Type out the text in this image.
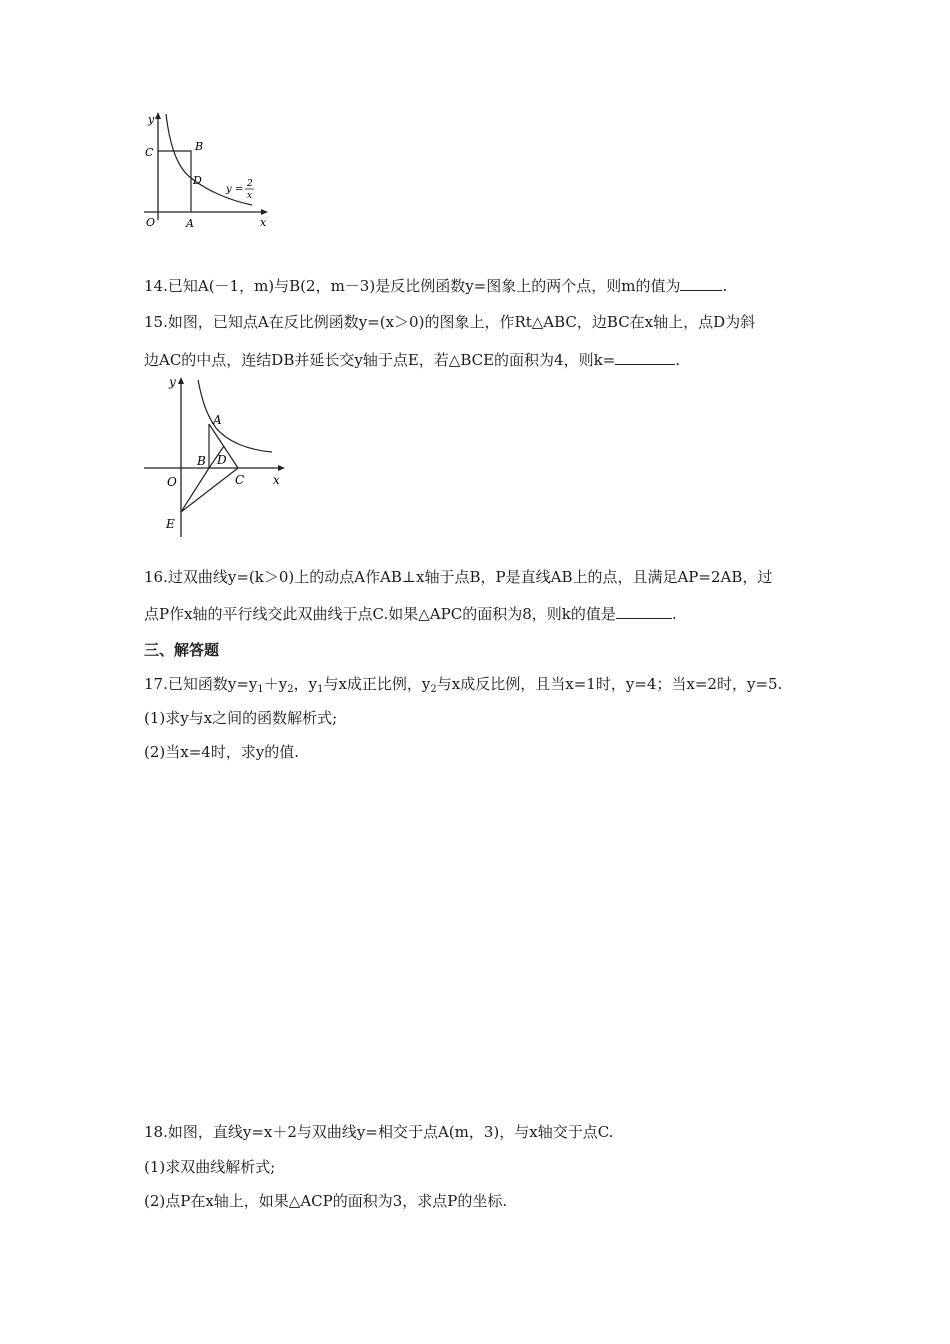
y
C	B
D
O	A	x
y = 2
x
14.已知A(－1，m)与B(2，m－3)是反比例函数y=图象上的两个点，则m的值为	.
15.如图，已知点A在反比例函数y=(x＞0)的图象上，作Rt△ABC，边BC在x轴上，点D为斜
边AC的中点，连结DB并延长交y轴于点E，若△BCE的面积为4，则k=	.
y
A
B D
O	C x
E
16.过双曲线y=(k＞0)上的动点A作AB⊥x轴于点B，P是直线AB上的点，且满足AP=2AB，过
点P作x轴的平行线交此双曲线于点C.如果△APC的面积为8，则k的值是	.
三、解答题
17.已知函数$y=y_1+y_2$，$y_1$与x成正比例，$y_2$与x成反比例，且当x=1时，y=4；当x=2时，y=5.
(1)求y与x之间的函数解析式;
(2)当x=4时，求y的值.
18.如图，直线y=x＋2与双曲线y=相交于点A(m，3)，与x轴交于点C.
(1)求双曲线解析式;
(2)点P在x轴上，如果△ACP的面积为3，求点P的坐标.
